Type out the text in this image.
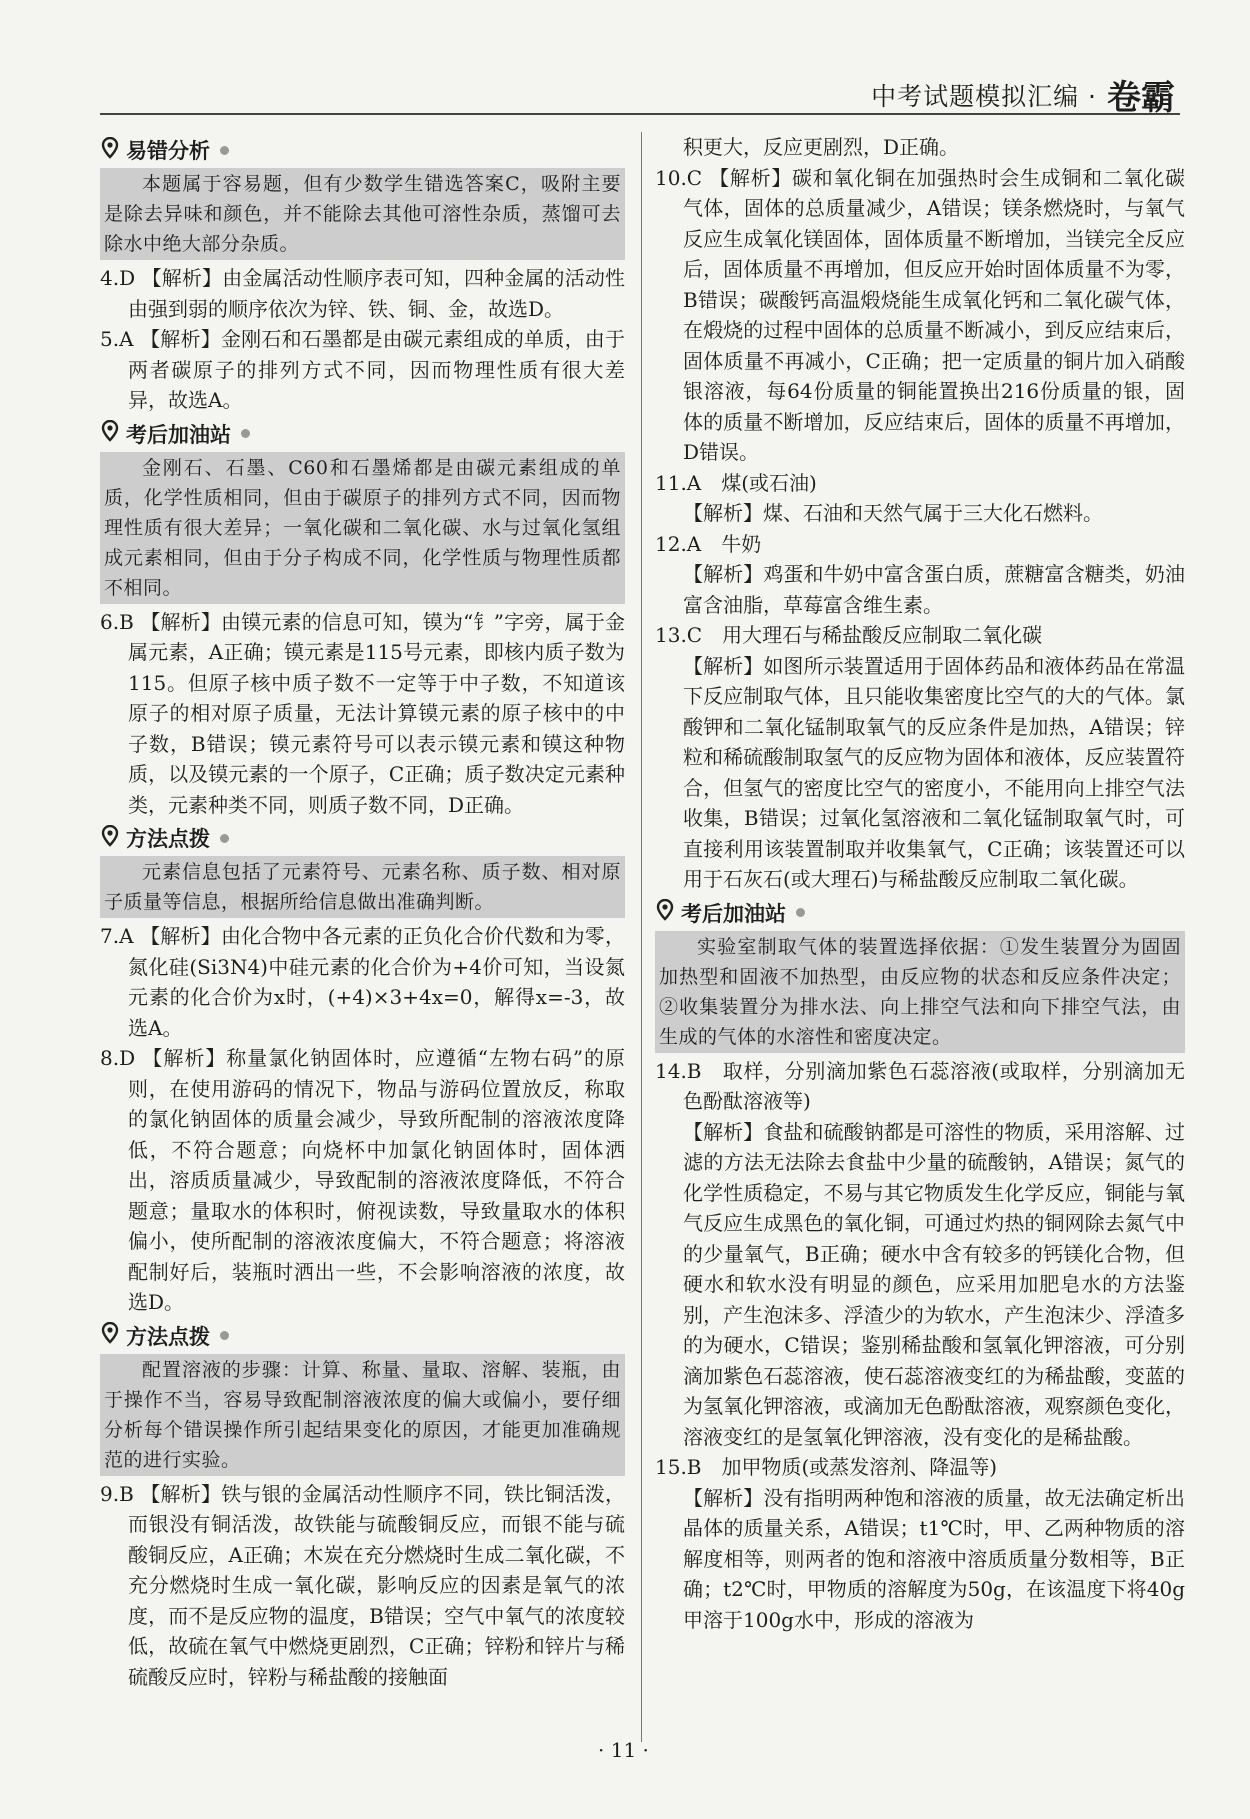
中考试题模拟汇编 · 卷霸
易错分析

本题属于容易题，但有少数学生错选答案C，吸附主要是除去异味和颜色，并不能除去其他可溶性杂质，蒸馏可去除水中绝大部分杂质。

4.D 【解析】由金属活动性顺序表可知，四种金属的活动性由强到弱的顺序依次为锌、铁、铜、金，故选D。

5.A 【解析】金刚石和石墨都是由碳元素组成的单质，由于两者碳原子的排列方式不同，因而物理性质有很大差异，故选A。

考后加油站

金刚石、石墨、C60和石墨烯都是由碳元素组成的单质，化学性质相同，但由于碳原子的排列方式不同，因而物理性质有很大差异；一氧化碳和二氧化碳、水与过氧化氢组成元素相同，但由于分子构成不同，化学性质与物理性质都不相同。

6.B 【解析】由镆元素的信息可知，镆为“钅”字旁，属于金属元素，A正确；镆元素是115号元素，即核内质子数为115。但原子核中质子数不一定等于中子数，不知道该原子的相对原子质量，无法计算镆元素的原子核中的中子数，B错误；镆元素符号可以表示镆元素和镆这种物质，以及镆元素的一个原子，C正确；质子数决定元素种类，元素种类不同，则质子数不同，D正确。

方法点拨

元素信息包括了元素符号、元素名称、质子数、相对原子质量等信息，根据所给信息做出准确判断。

7.A 【解析】由化合物中各元素的正负化合价代数和为零，氮化硅(Si3N4)中硅元素的化合价为+4价可知，当设氮元素的化合价为x时，(+4)×3+4x=0，解得x=-3，故选A。

8.D 【解析】称量氯化钠固体时，应遵循“左物右码”的原则，在使用游码的情况下，物品与游码位置放反，称取的氯化钠固体的质量会减少，导致所配制的溶液浓度降低，不符合题意；向烧杯中加氯化钠固体时，固体洒出，溶质质量减少，导致配制的溶液浓度降低，不符合题意；量取水的体积时，俯视读数，导致量取水的体积偏小，使所配制的溶液浓度偏大，不符合题意；将溶液配制好后，装瓶时洒出一些，不会影响溶液的浓度，故选D。

方法点拨

配置溶液的步骤：计算、称量、量取、溶解、装瓶，由于操作不当，容易导致配制溶液浓度的偏大或偏小，要仔细分析每个错误操作所引起结果变化的原因，才能更加准确规范的进行实验。

9.B 【解析】铁与银的金属活动性顺序不同，铁比铜活泼，而银没有铜活泼，故铁能与硫酸铜反应，而银不能与硫酸铜反应，A正确；木炭在充分燃烧时生成二氧化碳，不充分燃烧时生成一氧化碳，影响反应的因素是氧气的浓度，而不是反应物的温度，B错误；空气中氧气的浓度较低，故硫在氧气中燃烧更剧烈，C正确；锌粉和锌片与稀硫酸反应时，锌粉与稀盐酸的接触面

积更大，反应更剧烈，D正确。

10.C 【解析】碳和氧化铜在加强热时会生成铜和二氧化碳气体，固体的总质量减少，A错误；镁条燃烧时，与氧气反应生成氧化镁固体，固体质量不断增加，当镁完全反应后，固体质量不再增加，但反应开始时固体质量不为零，B错误；碳酸钙高温煅烧能生成氧化钙和二氧化碳气体，在煅烧的过程中固体的总质量不断减小，到反应结束后，固体质量不再减小，C正确；把一定质量的铜片加入硝酸银溶液，每64份质量的铜能置换出216份质量的银，固体的质量不断增加，反应结束后，固体的质量不再增加，D错误。

11.A　煤(或石油)

【解析】煤、石油和天然气属于三大化石燃料。

12.A　牛奶

【解析】鸡蛋和牛奶中富含蛋白质，蔗糖富含糖类，奶油富含油脂，草莓富含维生素。

13.C　用大理石与稀盐酸反应制取二氧化碳

【解析】如图所示装置适用于固体药品和液体药品在常温下反应制取气体，且只能收集密度比空气的大的气体。氯酸钾和二氧化锰制取氧气的反应条件是加热，A错误；锌粒和稀硫酸制取氢气的反应物为固体和液体，反应装置符合，但氢气的密度比空气的密度小，不能用向上排空气法收集，B错误；过氧化氢溶液和二氧化锰制取氧气时，可直接利用该装置制取并收集氧气，C正确；该装置还可以用于石灰石(或大理石)与稀盐酸反应制取二氧化碳。

考后加油站

实验室制取气体的装置选择依据：①发生装置分为固固加热型和固液不加热型，由反应物的状态和反应条件决定；②收集装置分为排水法、向上排空气法和向下排空气法，由生成的气体的水溶性和密度决定。

14.B　取样，分别滴加紫色石蕊溶液(或取样，分别滴加无色酚酞溶液等)

【解析】食盐和硫酸钠都是可溶性的物质，采用溶解、过滤的方法无法除去食盐中少量的硫酸钠，A错误；氮气的化学性质稳定，不易与其它物质发生化学反应，铜能与氧气反应生成黑色的氧化铜，可通过灼热的铜网除去氮气中的少量氧气，B正确；硬水中含有较多的钙镁化合物，但硬水和软水没有明显的颜色，应采用加肥皂水的方法鉴别，产生泡沫多、浮渣少的为软水，产生泡沫少、浮渣多的为硬水，C错误；鉴别稀盐酸和氢氧化钾溶液，可分别滴加紫色石蕊溶液，使石蕊溶液变红的为稀盐酸，变蓝的为氢氧化钾溶液，或滴加无色酚酞溶液，观察颜色变化，溶液变红的是氢氧化钾溶液，没有变化的是稀盐酸。

15.B　加甲物质(或蒸发溶剂、降温等)

【解析】没有指明两种饱和溶液的质量，故无法确定析出晶体的质量关系，A错误；t1℃时，甲、乙两种物质的溶解度相等，则两者的饱和溶液中溶质质量分数相等，B正确；t2℃时，甲物质的溶解度为50g，在该温度下将40g甲溶于100g水中，形成的溶液为

· 11 ·
